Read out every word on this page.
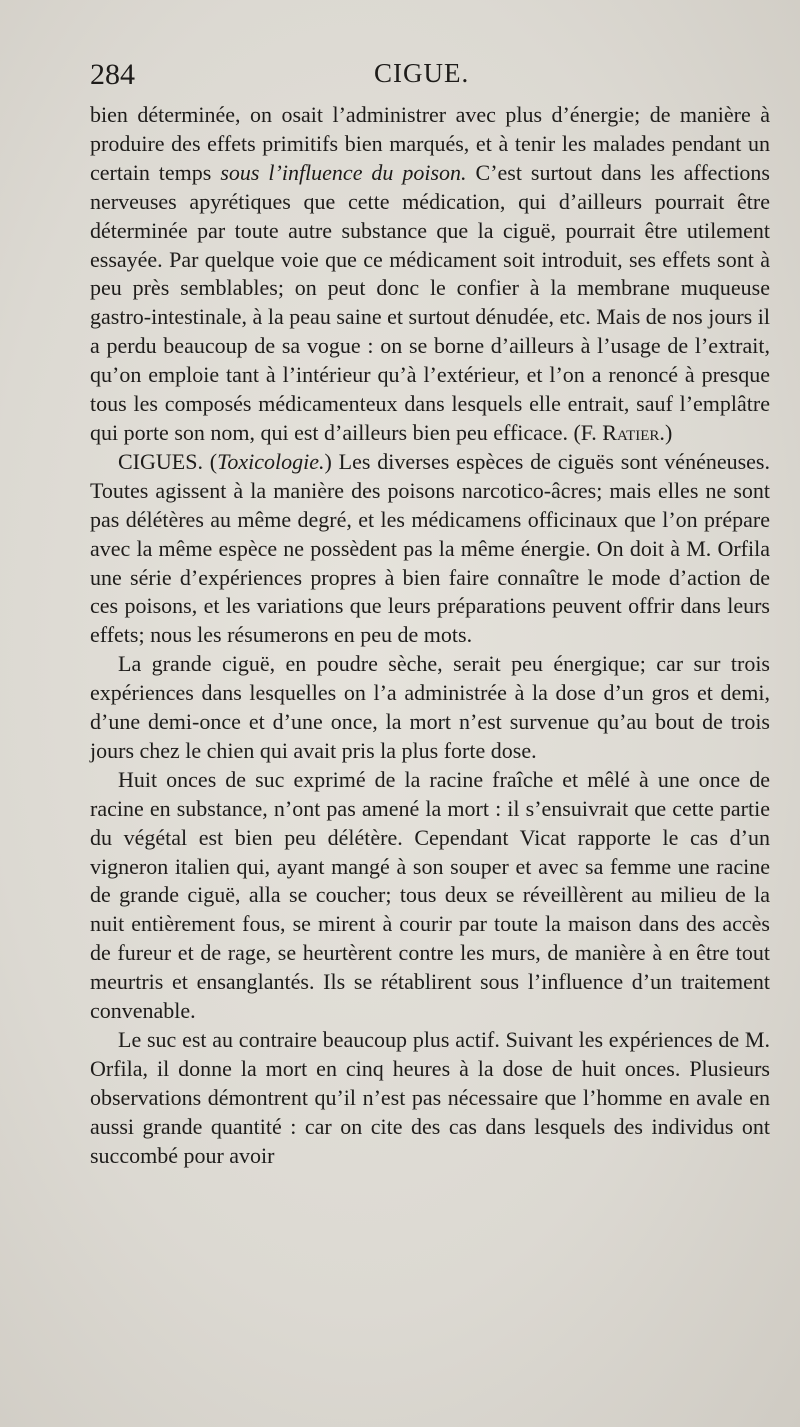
284	CIGUE.

bien déterminée, on osait l’administrer avec plus d’énergie; de manière à produire des effets primitifs bien marqués, et à tenir les malades pendant un certain temps sous l’influence du poison. C’est surtout dans les affections nerveuses apyrétiques que cette médication, qui d’ailleurs pourrait être déterminée par toute autre substance que la ciguë, pourrait être utilement essayée. Par quelque voie que ce médicament soit introduit, ses effets sont à peu près semblables; on peut donc le confier à la membrane muqueuse gastro-intestinale, à la peau saine et surtout dénudée, etc. Mais de nos jours il a perdu beaucoup de sa vogue : on se borne d’ailleurs à l’usage de l’extrait, qu’on emploie tant à l’intérieur qu’à l’extérieur, et l’on a renoncé à presque tous les composés médicamenteux dans lesquels elle entrait, sauf l’emplâtre qui porte son nom, qui est d’ailleurs bien peu efficace. (F. Ratier.)

CIGUES. (Toxicologie.) Les diverses espèces de ciguës sont vénéneuses. Toutes agissent à la manière des poisons narcotico-âcres; mais elles ne sont pas délétères au même degré, et les médicamens officinaux que l’on prépare avec la même espèce ne possèdent pas la même énergie. On doit à M. Orfila une série d’expériences propres à bien faire connaître le mode d’action de ces poisons, et les variations que leurs préparations peuvent offrir dans leurs effets; nous les résumerons en peu de mots.

La grande ciguë, en poudre sèche, serait peu énergique; car sur trois expériences dans lesquelles on l’a administrée à la dose d’un gros et demi, d’une demi-once et d’une once, la mort n’est survenue qu’au bout de trois jours chez le chien qui avait pris la plus forte dose.

Huit onces de suc exprimé de la racine fraîche et mêlé à une once de racine en substance, n’ont pas amené la mort : il s’ensuivrait que cette partie du végétal est bien peu délétère. Cependant Vicat rapporte le cas d’un vigneron italien qui, ayant mangé à son souper et avec sa femme une racine de grande ciguë, alla se coucher; tous deux se réveillèrent au milieu de la nuit entièrement fous, se mirent à courir par toute la maison dans des accès de fureur et de rage, se heurtèrent contre les murs, de manière à en être tout meurtris et ensanglantés. Ils se rétablirent sous l’influence d’un traitement convenable.

Le suc est au contraire beaucoup plus actif. Suivant les expériences de M. Orfila, il donne la mort en cinq heures à la dose de huit onces. Plusieurs observations démontrent qu’il n’est pas nécessaire que l’homme en avale en aussi grande quantité : car on cite des cas dans lesquels des individus ont succombé pour avoir
